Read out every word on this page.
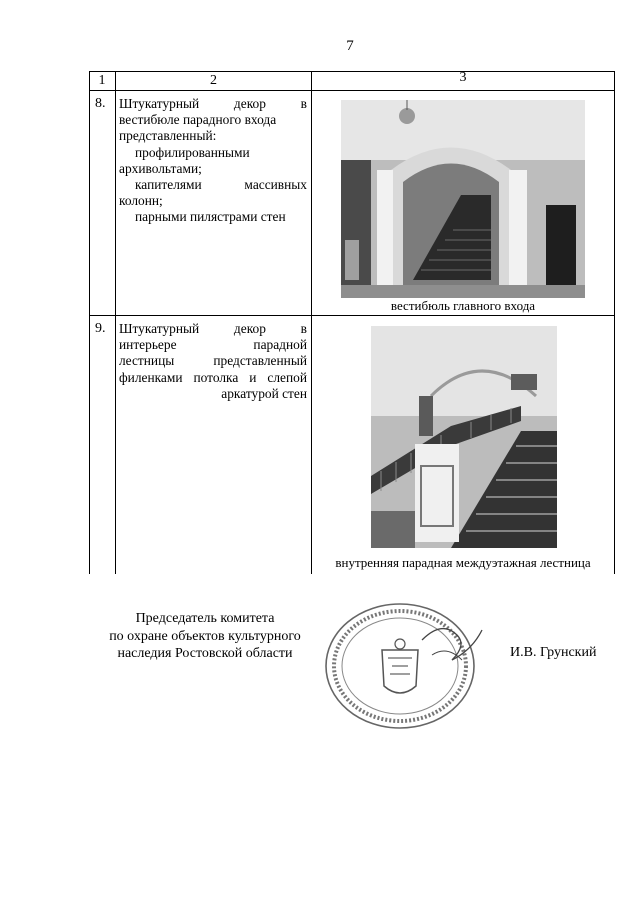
7
1	2	3
8. Штукатурный декор в
вестибюле парадного входа
представленный:
профилированными
архивольтами;
капителями массивных
колонн;
парными пилястрами стен
вестибюль главного входа
9. Штукатурный декор в
интерьере парадной
лестницы представленный
филенками потолка и слепой
аркатурой стен
внутренняя парадная междуэтажная лестница
Председатель комитета
по охране объектов культурного
наследия Ростовской области	И.В. Грунский
